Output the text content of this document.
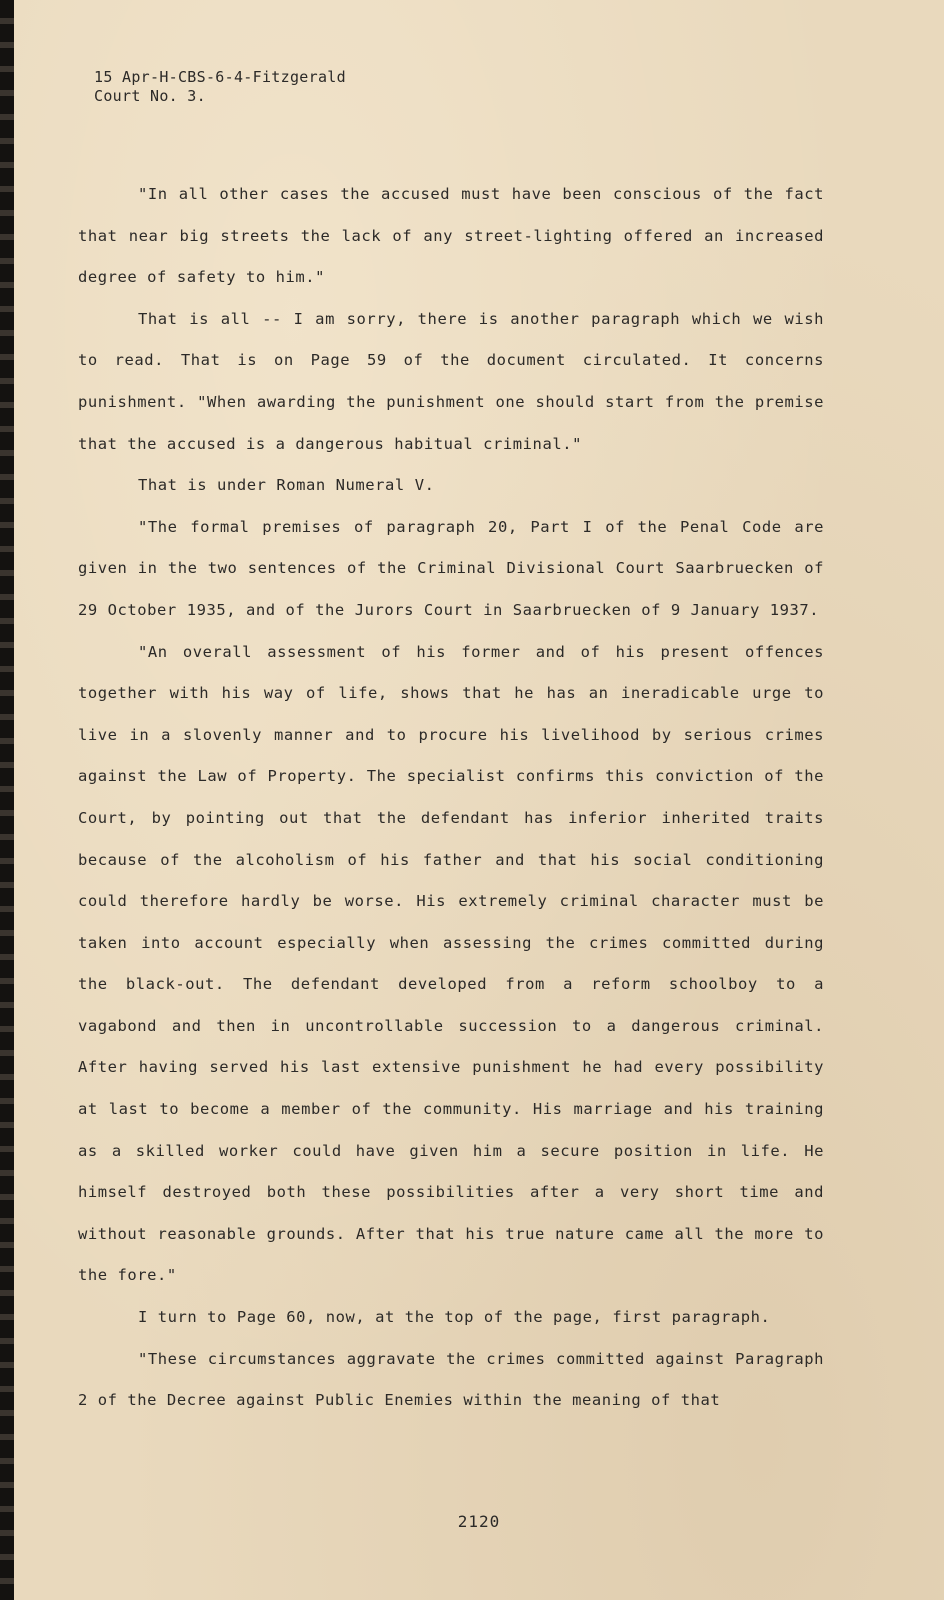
15 Apr-H-CBS-6-4-Fitzgerald
Court No. 3.

"In all other cases the accused must have been conscious of the fact that near big streets the lack of any street-lighting offered an increased degree of safety to him."

That is all -- I am sorry, there is another paragraph which we wish to read. That is on Page 59 of the document circulated. It concerns punishment. "When awarding the punishment one should start from the premise that the accused is a dangerous habitual criminal."

That is under Roman Numeral V.

"The formal premises of paragraph 20, Part I of the Penal Code are given in the two sentences of the Criminal Divisional Court Saarbruecken of 29 October 1935, and of the Jurors Court in Saarbruecken of 9 January 1937.

"An overall assessment of his former and of his present offences together with his way of life, shows that he has an ineradicable urge to live in a slovenly manner and to procure his livelihood by serious crimes against the Law of Property. The specialist confirms this conviction of the Court, by pointing out that the defendant has inferior inherited traits because of the alcoholism of his father and that his social conditioning could therefore hardly be worse. His extremely criminal character must be taken into account especially when assessing the crimes committed during the black-out. The defendant developed from a reform schoolboy to a vagabond and then in uncontrollable succession to a dangerous criminal. After having served his last extensive punishment he had every possibility at last to become a member of the community. His marriage and his training as a skilled worker could have given him a secure position in life. He himself destroyed both these possibilities after a very short time and without reasonable grounds. After that his true nature came all the more to the fore."

I turn to Page 60, now, at the top of the page, first paragraph.

"These circumstances aggravate the crimes committed against Paragraph 2 of the Decree against Public Enemies within the meaning of that

2120
